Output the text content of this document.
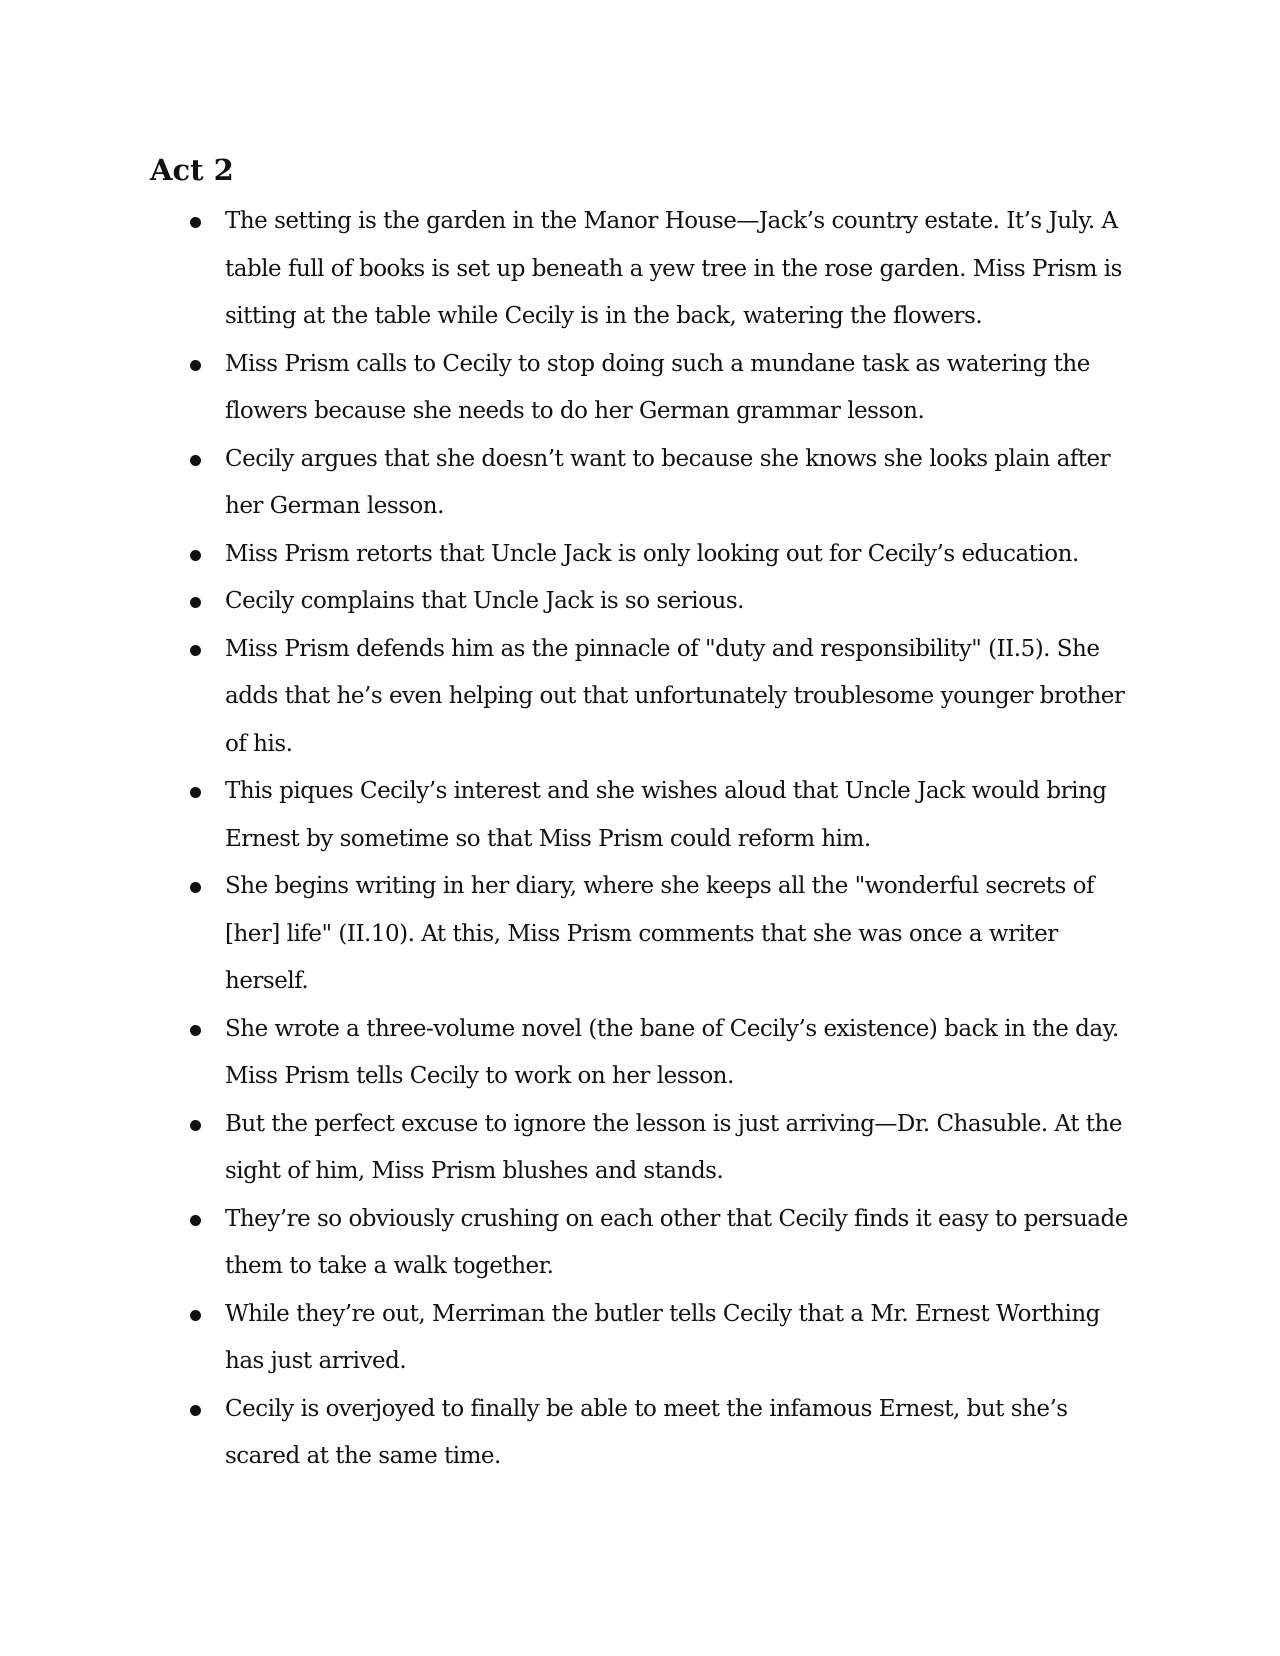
Act 2
The setting is the garden in the Manor House—Jack’s country estate. It’s July. A table full of books is set up beneath a yew tree in the rose garden. Miss Prism is sitting at the table while Cecily is in the back, watering the flowers.
Miss Prism calls to Cecily to stop doing such a mundane task as watering the flowers because she needs to do her German grammar lesson.
Cecily argues that she doesn’t want to because she knows she looks plain after her German lesson.
Miss Prism retorts that Uncle Jack is only looking out for Cecily’s education.
Cecily complains that Uncle Jack is so serious.
Miss Prism defends him as the pinnacle of "duty and responsibility" (II.5). She adds that he’s even helping out that unfortunately troublesome younger brother of his.
This piques Cecily’s interest and she wishes aloud that Uncle Jack would bring Ernest by sometime so that Miss Prism could reform him.
She begins writing in her diary, where she keeps all the "wonderful secrets of [her] life" (II.10). At this, Miss Prism comments that she was once a writer herself.
She wrote a three-volume novel (the bane of Cecily’s existence) back in the day. Miss Prism tells Cecily to work on her lesson.
But the perfect excuse to ignore the lesson is just arriving—Dr. Chasuble. At the sight of him, Miss Prism blushes and stands.
They’re so obviously crushing on each other that Cecily finds it easy to persuade them to take a walk together.
While they’re out, Merriman the butler tells Cecily that a Mr. Ernest Worthing has just arrived.
Cecily is overjoyed to finally be able to meet the infamous Ernest, but she’s scared at the same time.
